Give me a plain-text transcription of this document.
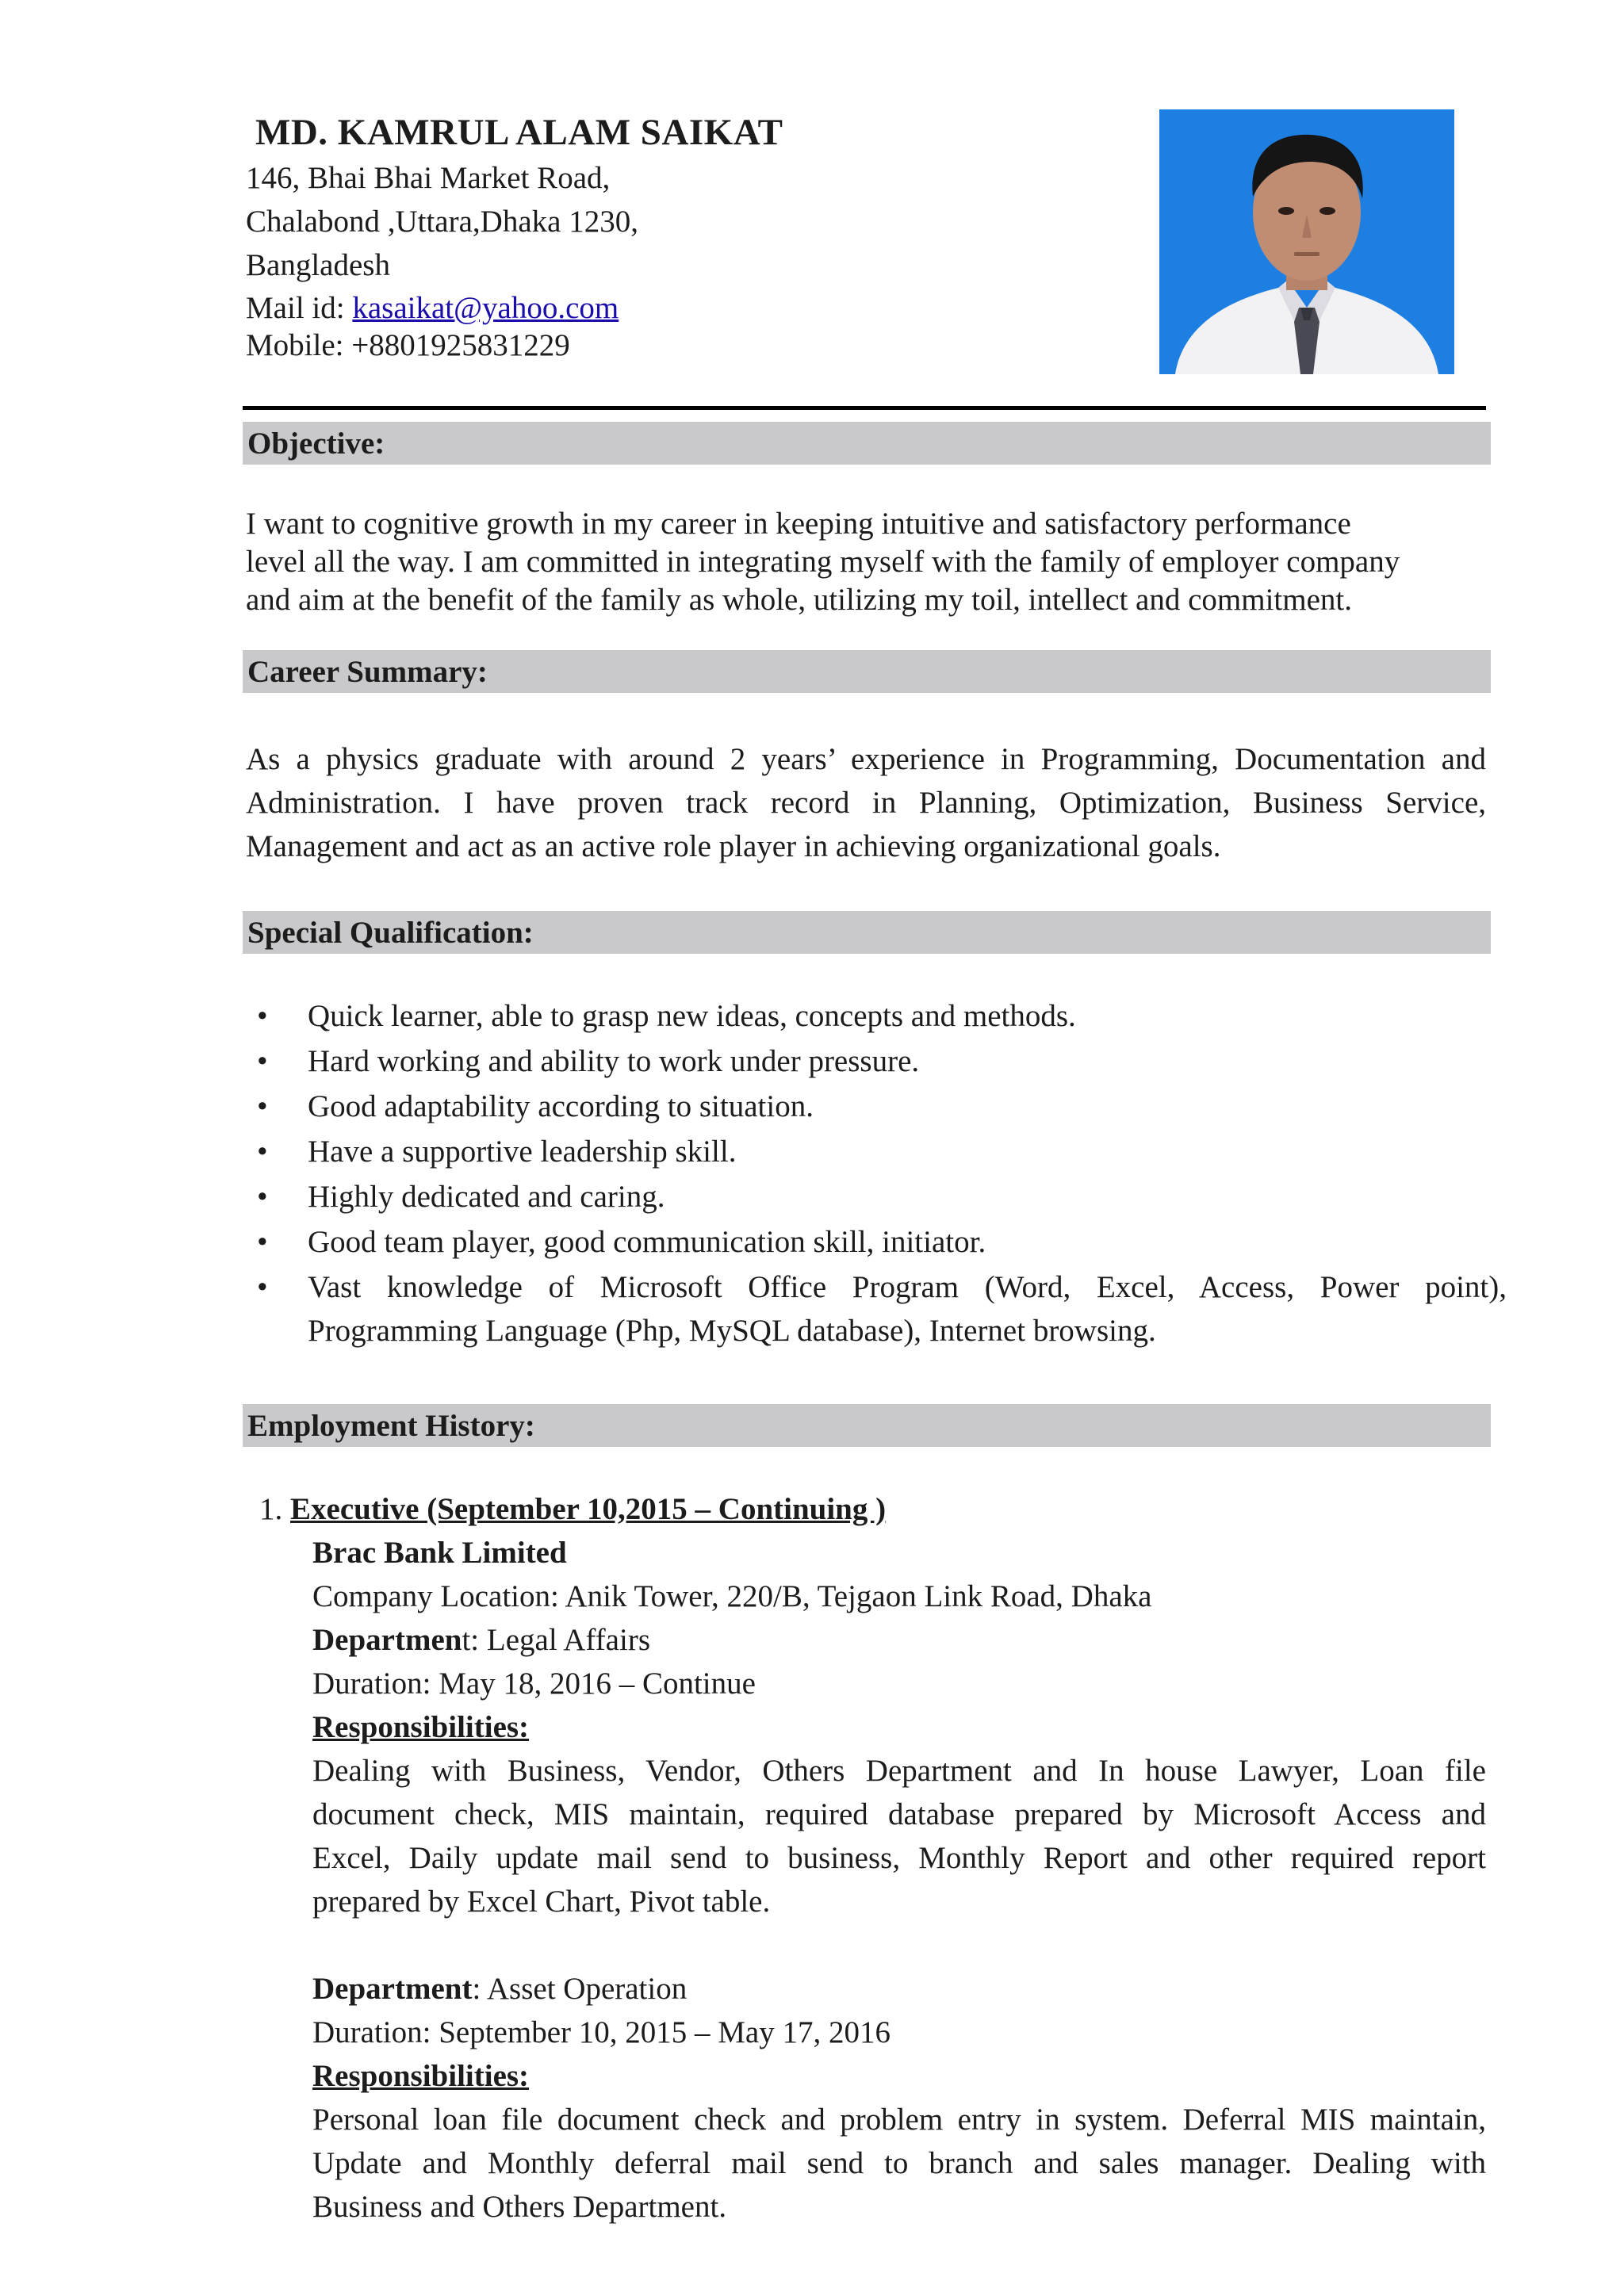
MD. KAMRUL ALAM SAIKAT
146, Bhai Bhai Market Road,
Chalabond ,Uttara,Dhaka 1230,
Bangladesh
Mail id: kasaikat@yahoo.com
Mobile: +8801925831229
Objective:
I want to cognitive growth in my career in keeping intuitive and satisfactory performance
level all the way. I am committed in integrating myself with the family of employer company
and aim at the benefit of the family as whole, utilizing my toil, intellect and commitment.
Career Summary:
As a physics graduate with around 2 years’ experience in Programming, Documentation and
Administration. I have proven track record in Planning, Optimization, Business Service,
Management and act as an active role player in achieving organizational goals.
Special Qualification:
• Quick learner, able to grasp new ideas, concepts and methods.
• Hard working and ability to work under pressure.
• Good adaptability according to situation.
• Have a supportive leadership skill.
• Highly dedicated and caring.
• Good team player, good communication skill, initiator.
• Vast knowledge of Microsoft Office Program (Word, Excel, Access, Power point),
Programming Language (Php, MySQL database), Internet browsing.
Employment History:
1. Executive (September 10,2015 – Continuing )
Brac Bank Limited
Company Location: Anik Tower, 220/B, Tejgaon Link Road, Dhaka
Department: Legal Affairs
Duration: May 18, 2016 – Continue
Responsibilities:
Dealing with Business, Vendor, Others Department and In house Lawyer, Loan file
document check, MIS maintain, required database prepared by Microsoft Access and
Excel, Daily update mail send to business, Monthly Report and other required report
prepared by Excel Chart, Pivot table.
Department: Asset Operation
Duration: September 10, 2015 – May 17, 2016
Responsibilities:
Personal loan file document check and problem entry in system. Deferral MIS maintain,
Update and Monthly deferral mail send to branch and sales manager. Dealing with
Business and Others Department.
